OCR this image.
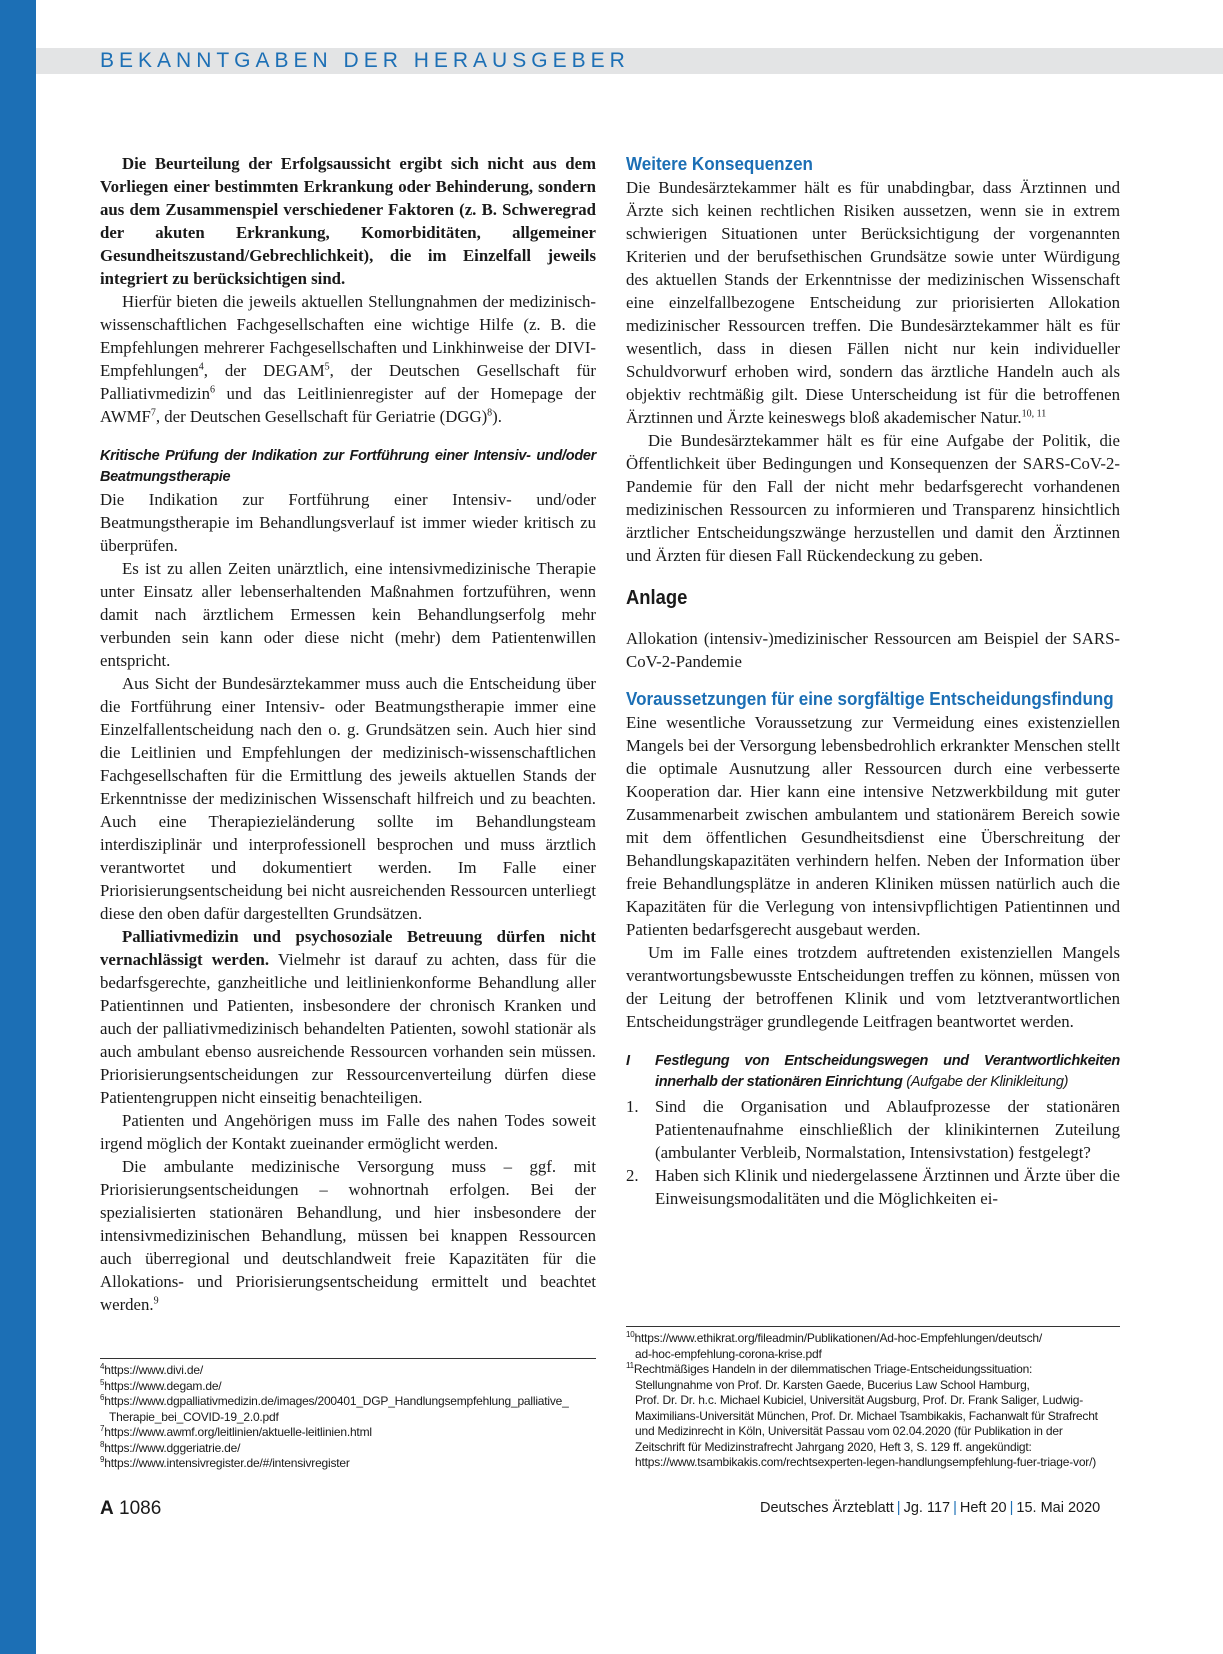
BEKANNTGABEN DER HERAUSGEBER

Die Beurteilung der Erfolgsaussicht ergibt sich nicht aus dem Vorliegen einer bestimmten Erkrankung oder Behinderung, sondern aus dem Zusammenspiel verschiedener Faktoren (z. B. Schweregrad der akuten Erkrankung, Komorbiditäten, allgemeiner Gesundheitszustand/Gebrechlichkeit), die im Einzelfall jeweils integriert zu berücksichtigen sind.

Hierfür bieten die jeweils aktuellen Stellungnahmen der medizinisch-wissenschaftlichen Fachgesellschaften eine wichtige Hilfe (z. B. die Empfehlungen mehrerer Fachgesellschaften und Linkhinweise der DIVI-Empfehlungen$^4$, der DEGAM$^5$, der Deutschen Gesellschaft für Palliativmedizin$^6$ und das Leitlinienregister auf der Homepage der AWMF$^7$, der Deutschen Gesellschaft für Geriatrie (DGG)$^8$).

Kritische Prüfung der Indikation zur Fortführung einer Intensiv- und/oder Beatmungstherapie

Die Indikation zur Fortführung einer Intensiv- und/oder Beatmungstherapie im Behandlungsverlauf ist immer wieder kritisch zu überprüfen.

Es ist zu allen Zeiten unärztlich, eine intensivmedizinische Therapie unter Einsatz aller lebenserhaltenden Maßnahmen fortzuführen, wenn damit nach ärztlichem Ermessen kein Behandlungserfolg mehr verbunden sein kann oder diese nicht (mehr) dem Patientenwillen entspricht.

Aus Sicht der Bundesärztekammer muss auch die Entscheidung über die Fortführung einer Intensiv- oder Beatmungstherapie immer eine Einzelfallentscheidung nach den o. g. Grundsätzen sein. Auch hier sind die Leitlinien und Empfehlungen der medizinisch-wissenschaftlichen Fachgesellschaften für die Ermittlung des jeweils aktuellen Stands der Erkenntnisse der medizinischen Wissenschaft hilfreich und zu beachten. Auch eine Therapiezieländerung sollte im Behandlungsteam interdisziplinär und interprofessionell besprochen und muss ärztlich verantwortet und dokumentiert werden. Im Falle einer Priorisierungsentscheidung bei nicht ausreichenden Ressourcen unterliegt diese den oben dafür dargestellten Grundsätzen.

Palliativmedizin und psychosoziale Betreuung dürfen nicht vernachlässigt werden. Vielmehr ist darauf zu achten, dass für die bedarfsgerechte, ganzheitliche und leitlinienkonforme Behandlung aller Patientinnen und Patienten, insbesondere der chronisch Kranken und auch der palliativmedizinisch behandelten Patienten, sowohl stationär als auch ambulant ebenso ausreichende Ressourcen vorhanden sein müssen. Priorisierungsentscheidungen zur Ressourcenverteilung dürfen diese Patientengruppen nicht einseitig benachteiligen.

Patienten und Angehörigen muss im Falle des nahen Todes soweit irgend möglich der Kontakt zueinander ermöglicht werden.

Die ambulante medizinische Versorgung muss – ggf. mit Priorisierungsentscheidungen – wohnortnah erfolgen. Bei der spezialisierten stationären Behandlung, und hier insbesondere der intensivmedizinischen Behandlung, müssen bei knappen Ressourcen auch überregional und deutschlandweit freie Kapazitäten für die Allokations- und Priorisierungsentscheidung ermittelt und beachtet werden.$^9$

Weitere Konsequenzen

Die Bundesärztekammer hält es für unabdingbar, dass Ärztinnen und Ärzte sich keinen rechtlichen Risiken aussetzen, wenn sie in extrem schwierigen Situationen unter Berücksichtigung der vorgenannten Kriterien und der berufsethischen Grundsätze sowie unter Würdigung des aktuellen Stands der Erkenntnisse der medizinischen Wissenschaft eine einzelfallbezogene Entscheidung zur priorisierten Allokation medizinischer Ressourcen treffen. Die Bundesärztekammer hält es für wesentlich, dass in diesen Fällen nicht nur kein individueller Schuldvorwurf erhoben wird, sondern das ärztliche Handeln auch als objektiv rechtmäßig gilt. Diese Unterscheidung ist für die betroffenen Ärztinnen und Ärzte keineswegs bloß akademischer Natur.$^{10, 11}$

Die Bundesärztekammer hält es für eine Aufgabe der Politik, die Öffentlichkeit über Bedingungen und Konsequenzen der SARS-CoV-2-Pandemie für den Fall der nicht mehr bedarfsgerecht vorhandenen medizinischen Ressourcen zu informieren und Transparenz hinsichtlich ärztlicher Entscheidungszwänge herzustellen und damit den Ärztinnen und Ärzten für diesen Fall Rückendeckung zu geben.

Anlage

Allokation (intensiv-)medizinischer Ressourcen am Beispiel der SARS-CoV-2-Pandemie

Voraussetzungen für eine sorgfältige Entscheidungsfindung

Eine wesentliche Voraussetzung zur Vermeidung eines existenziellen Mangels bei der Versorgung lebensbedrohlich erkrankter Menschen stellt die optimale Ausnutzung aller Ressourcen durch eine verbesserte Kooperation dar. Hier kann eine intensive Netzwerkbildung mit guter Zusammenarbeit zwischen ambulantem und stationärem Bereich sowie mit dem öffentlichen Gesundheitsdienst eine Überschreitung der Behandlungskapazitäten verhindern helfen. Neben der Information über freie Behandlungsplätze in anderen Kliniken müssen natürlich auch die Kapazitäten für die Verlegung von intensivpflichtigen Patientinnen und Patienten bedarfsgerecht ausgebaut werden.

Um im Falle eines trotzdem auftretenden existenziellen Mangels verantwortungsbewusste Entscheidungen treffen zu können, müssen von der Leitung der betroffenen Klinik und vom letztverantwortlichen Entscheidungsträger grundlegende Leitfragen beantwortet werden.

I	Festlegung von Entscheidungswegen und Verantwortlichkeiten innerhalb der stationären Einrichtung (Aufgabe der Klinikleitung)
1. Sind die Organisation und Ablaufprozesse der stationären Patientenaufnahme einschließlich der klinikinternen Zuteilung (ambulanter Verbleib, Normalstation, Intensivstation) festgelegt?
2. Haben sich Klinik und niedergelassene Ärztinnen und Ärzte über die Einweisungsmodalitäten und die Möglichkeiten ei-
$^4$https://www.divi.de/
$^5$https://www.degam.de/
$^6$https://www.dgpalliativmedizin.de/images/200401_DGP_Handlungsempfehlung_palliative_
Therapie_bei_COVID-19_2.0.pdf
$^7$https://www.awmf.org/leitlinien/aktuelle-leitlinien.html
$^8$https://www.dggeriatrie.de/
$^9$https://www.intensivregister.de/#/intensivregister
$^{10}$https://www.ethikrat.org/fileadmin/Publikationen/Ad-hoc-Empfehlungen/deutsch/
ad-hoc-empfehlung-corona-krise.pdf
$^{11}$Rechtmäßiges Handeln in der dilemmatischen Triage-Entscheidungssituation:
Stellungnahme von Prof. Dr. Karsten Gaede, Bucerius Law School Hamburg,
Prof. Dr. Dr. h.c. Michael Kubiciel, Universität Augsburg, Prof. Dr. Frank Saliger, Ludwig-
Maximilians-Universität München, Prof. Dr. Michael Tsambikakis, Fachanwalt für Strafrecht
und Medizinrecht in Köln, Universität Passau vom 02.04.2020 (für Publikation in der
Zeitschrift für Medizinstrafrecht Jahrgang 2020, Heft 3, S. 129 ff. angekündigt:
https://www.tsambikakis.com/rechtsexperten-legen-handlungsempfehlung-fuer-triage-vor/)
A 1086	Deutsches Ärzteblatt | Jg. 117 | Heft 20 | 15. Mai 2020
